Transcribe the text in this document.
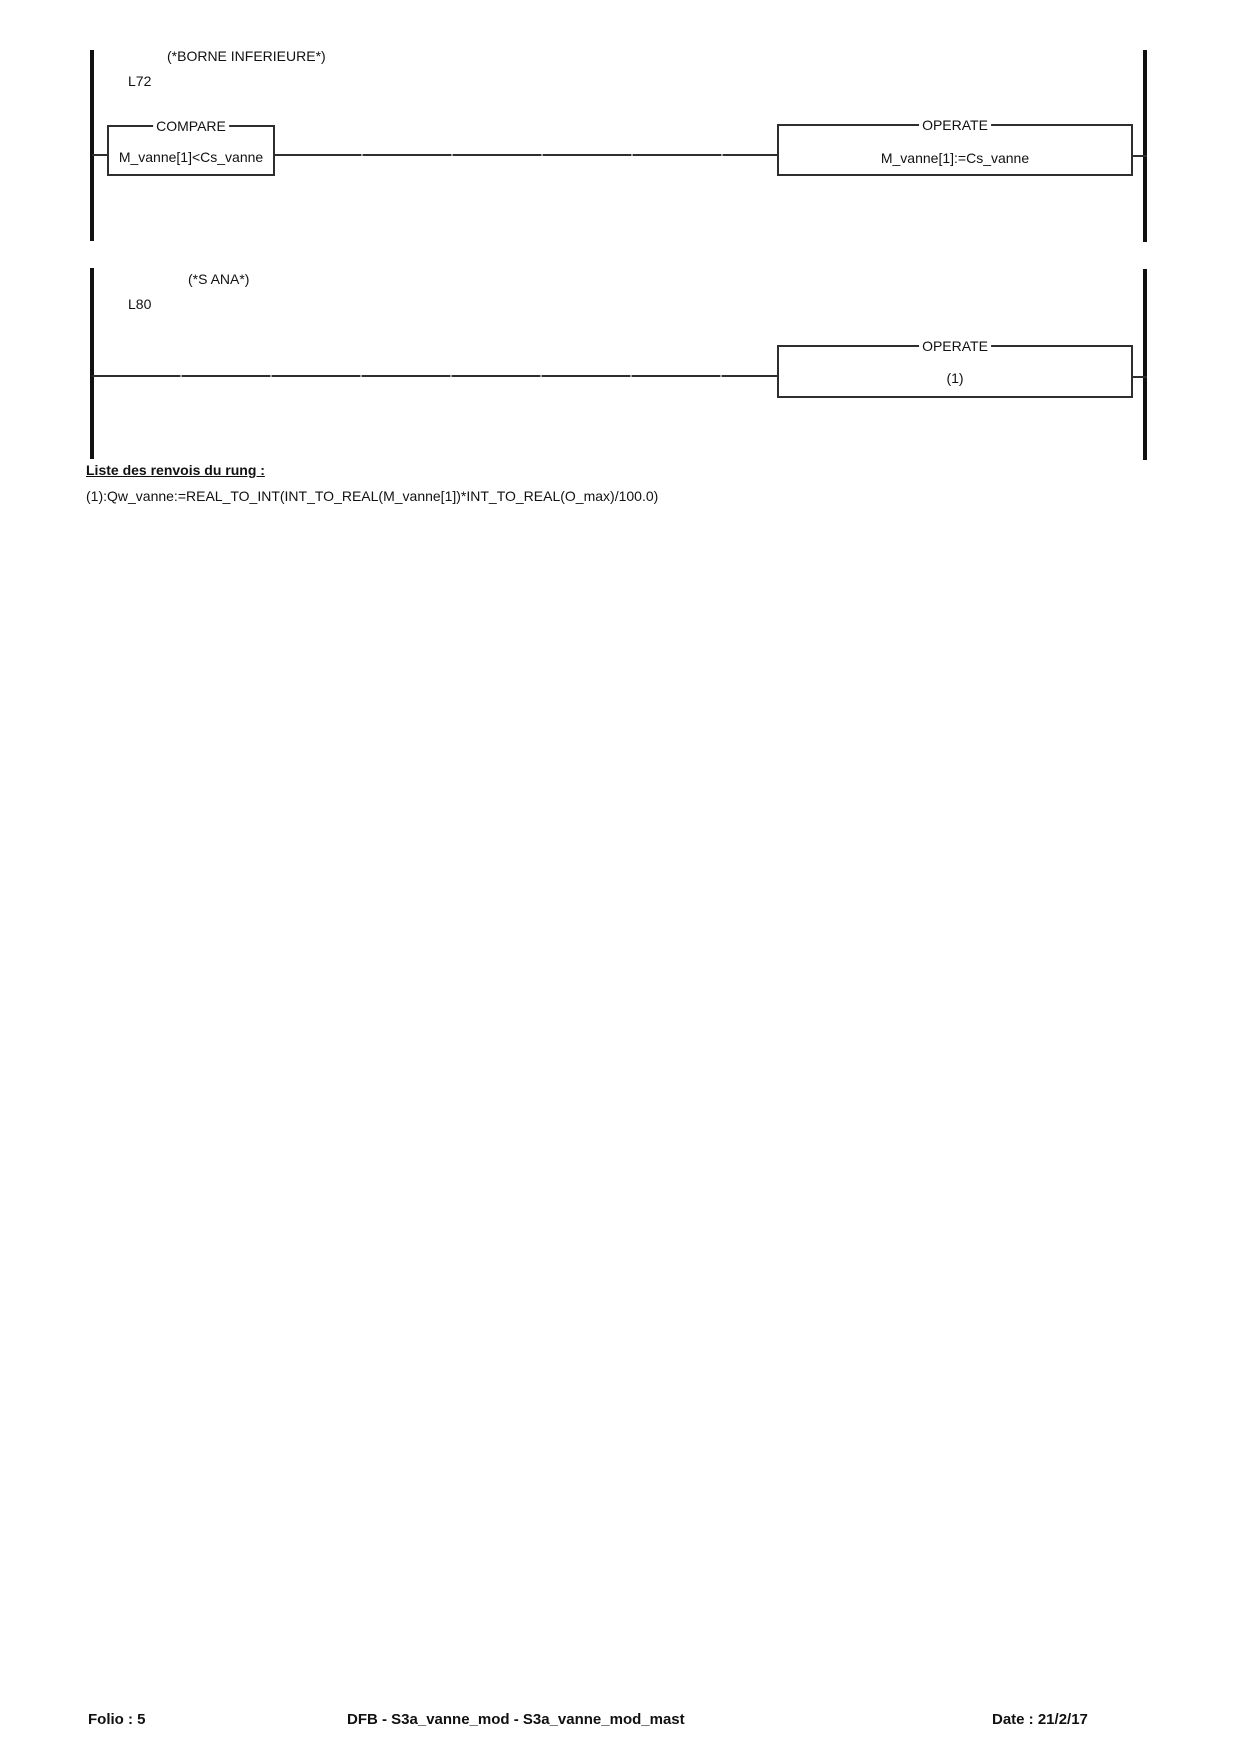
(*BORNE INFERIEURE*)
L72
COMPARE
M_vanne[1]<Cs_vanne
OPERATE
M_vanne[1]:=Cs_vanne
(*S ANA*)
L80
OPERATE
(1)
Liste des renvois du rung :
(1):Qw_vanne:=REAL_TO_INT(INT_TO_REAL(M_vanne[1])*INT_TO_REAL(O_max)/100.0)
Folio : 5	DFB - S3a_vanne_mod - S3a_vanne_mod_mast	Date : 21/2/17
